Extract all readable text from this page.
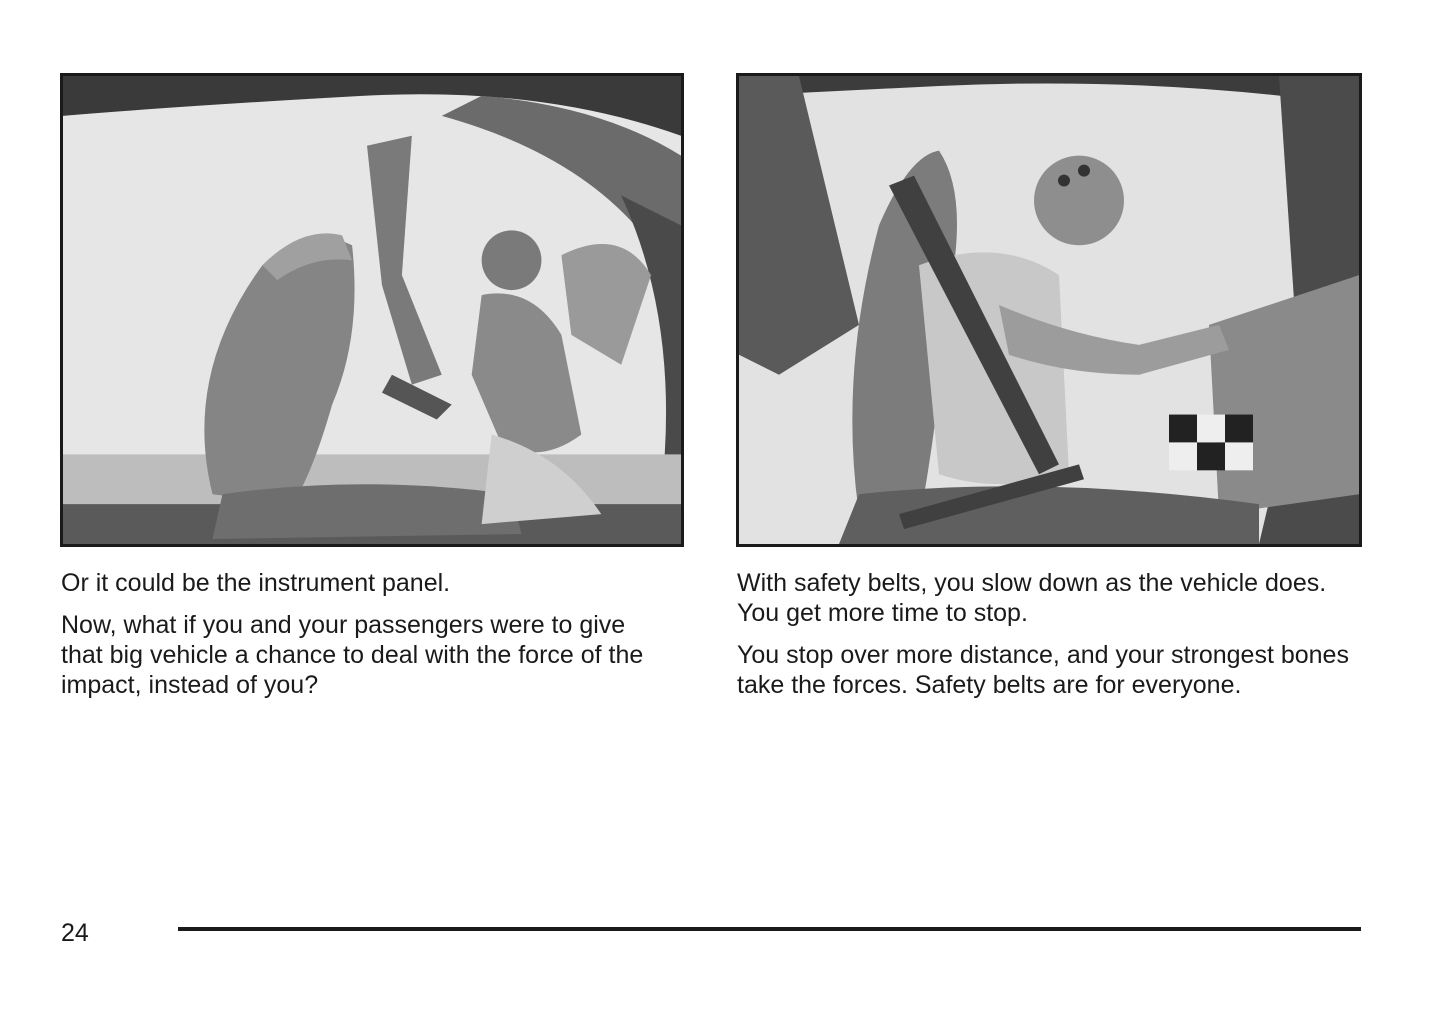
Or it could be the instrument panel.

Now, what if you and your passengers were to give that big vehicle a chance to deal with the force of the impact, instead of you?

With safety belts, you slow down as the vehicle does. You get more time to stop.

You stop over more distance, and your strongest bones take the forces. Safety belts are for everyone.

24
